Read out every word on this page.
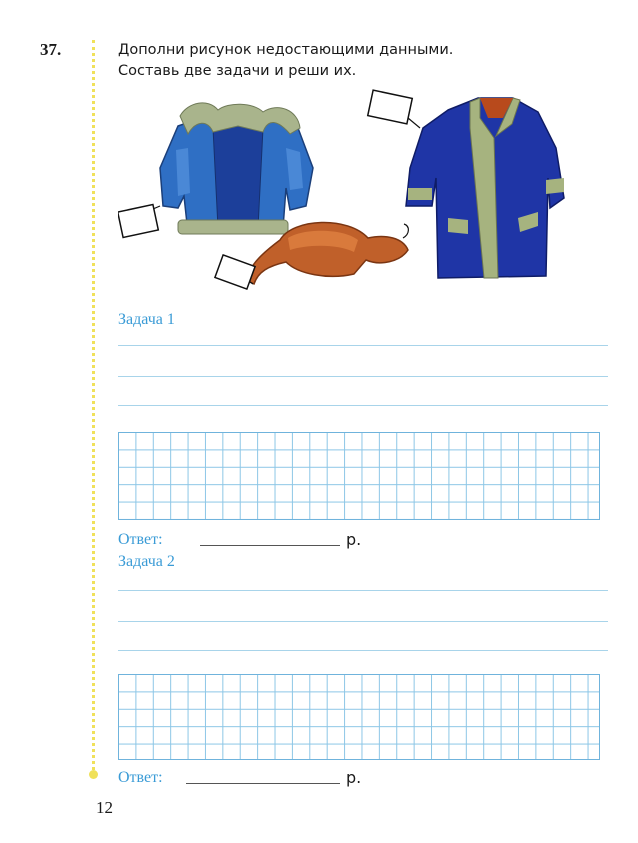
37.	Дополни рисунок недостающими данными.
Составь две задачи и реши их.
Задача 1
Ответ:	р.
Задача 2
Ответ:	р.
12
